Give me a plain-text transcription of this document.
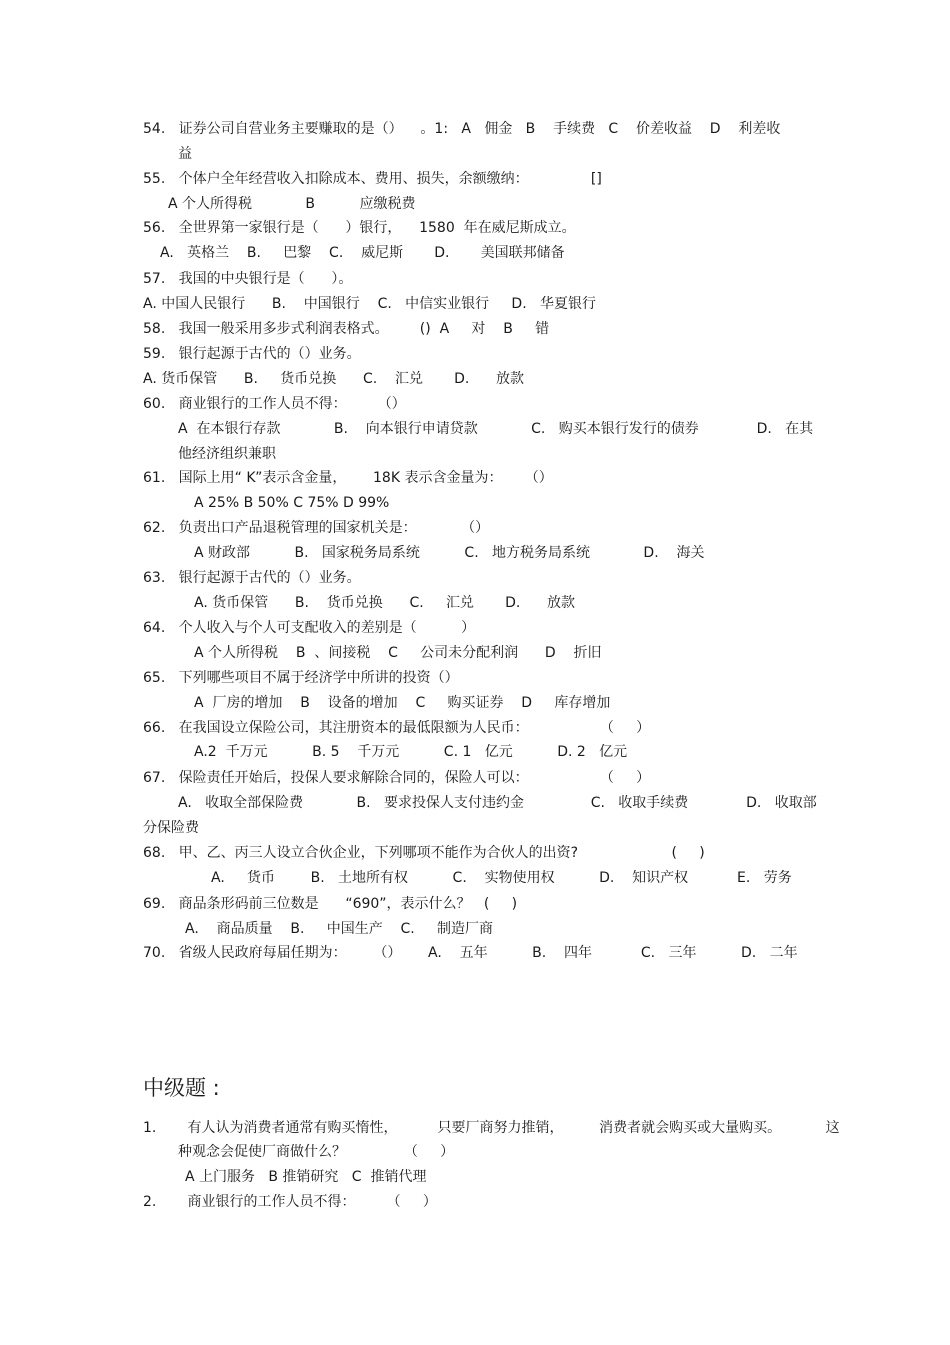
54.   证券公司自营业务主要赚取的是（）    。1:   A   佣金   B    手续费   C    价差收益    D    利差收
益
55.   个体户全年经营收入扣除成本、费用、损失，余额缴纳：              []
A 个人所得税            B          应缴税费
56.   全世界第一家银行是（      ）银行，    1580  年在威尼斯成立。
A.   英格兰    B.     巴黎    C.    威尼斯       D.       美国联邦储备
57.   我国的中央银行是（      ）。
A. 中国人民银行      B.    中国银行    C.   中信实业银行     D.   华夏银行
58.   我国一般采用多步式利润表格式。       ()  A     对    B     错
59.   银行起源于古代的（）业务。
A. 货币保管      B.     货币兑换      C.    汇兑       D.      放款
60.   商业银行的工作人员不得：       （）
A  在本银行存款            B.    向本银行申请贷款            C.   购买本银行发行的债券             D.   在其
他经济组织兼职
61.   国际上用“ K”表示含金量，      18K 表示含金量为：     （）
A 25% B 50% C 75% D 99%
62.   负责出口产品退税管理的国家机关是：          （）
A 财政部          B.   国家税务局系统          C.   地方税务局系统            D.    海关
63.   银行起源于古代的（）业务。
A. 货币保管      B.    货币兑换      C.     汇兑       D.      放款
64.   个人收入与个人可支配收入的差别是（          ）
A 个人所得税    B  、间接税    C     公司未分配利润      D    折旧
65.   下列哪些项目不属于经济学中所讲的投资（）
A  厂房的增加    B    设备的增加    C     购买证券    D     库存增加
66.   在我国设立保险公司，其注册资本的最低限额为人民币：                （     ）
A.2  千万元          B. 5    千万元          C. 1   亿元          D. 2   亿元
67.   保险责任开始后，投保人要求解除合同的，保险人可以：                （     ）
A.   收取全部保险费            B.   要求投保人支付违约金               C.   收取手续费             D.   收取部
分保险费
68.   甲、乙、丙三人设立合伙企业，下列哪项不能作为合伙人的出资?                     (     )
A.     货币        B.   土地所有权          C.    实物使用权          D.    知识产权           E.   劳务
69.   商品条形码前三位数是      “690”，表示什么？   (     )
A.    商品质量    B.     中国生产    C.     制造厂商
70.   省级人民政府每届任期为：      （）      A.    五年          B.    四年           C.   三年          D.   二年
中级题 :
1.       有人认为消费者通常有购买惰性，         只要厂商努力推销，        消费者就会购买或大量购买。          这
种观念会促使厂商做什么？             （     ）
A 上门服务   B 推销研究   C  推销代理
2.       商业银行的工作人员不得：       （     ）
